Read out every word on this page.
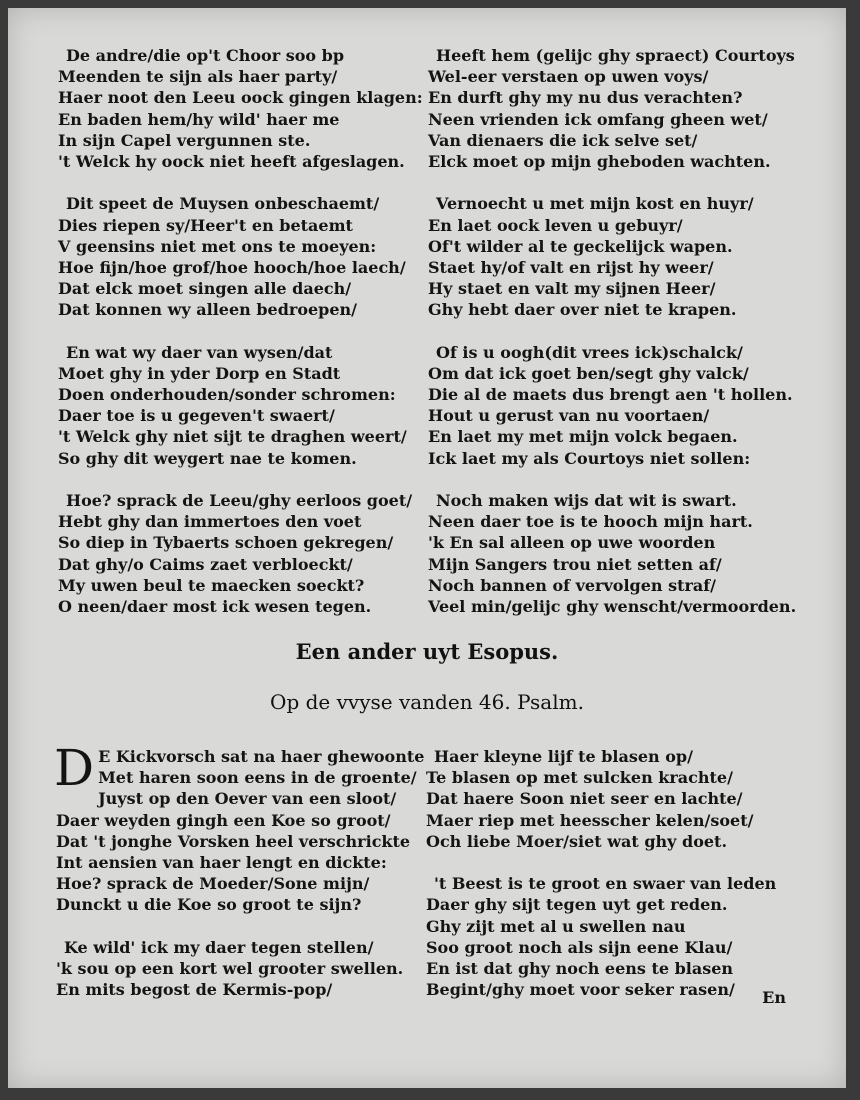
De andre/die op't Choor soo bp
Meenden te sijn als haer party/
Haer noot den Leeu oock gingen klagen:
En baden hem/hy wild' haer me
In sijn Capel vergunnen ste.
't Welck hy oock niet heeft afgeslagen.
Dit speet de Muysen onbeschaemt/
Dies riepen sy/Heer't en betaemt
V geensins niet met ons te moeyen:
Hoe fijn/hoe grof/hoe hooch/hoe laech/
Dat elck moet singen alle daech/
Dat konnen wy alleen bedroepen/
En wat wy daer van wysen/dat
Moet ghy in yder Dorp en Stadt
Doen onderhouden/sonder schromen:
Daer toe is u gegeven't swaert/
't Welck ghy niet sijt te draghen weert/
So ghy dit weygert nae te komen.
Hoe? sprack de Leeu/ghy eerloos goet/
Hebt ghy dan immertoes den voet
So diep in Tybaerts schoen gekregen/
Dat ghy/o Caims zaet verbloeckt/
My uwen beul te maecken soeckt?
O neen/daer most ick wesen tegen.
Heeft hem (gelijc ghy spraect) Courtoys
Wel-eer verstaen op uwen voys/
En durft ghy my nu dus verachten?
Neen vrienden ick omfang gheen wet/
Van dienaers die ick selve set/
Elck moet op mijn gheboden wachten.
Vernoecht u met mijn kost en huyr/
En laet oock leven u gebuyr/
Of't wilder al te geckelijck wapen.
Staet hy/of valt en rijst hy weer/
Hy staet en valt my sijnen Heer/
Ghy hebt daer over niet te krapen.
Of is u oogh(dit vrees ick)schalck/
Om dat ick goet ben/segt ghy valck/
Die al de maets dus brengt aen 't hollen.
Hout u gerust van nu voortaen/
En laet my met mijn volck begaen.
Ick laet my als Courtoys niet sollen:
Noch maken wijs dat wit is swart.
Neen daer toe is te hooch mijn hart.
'k En sal alleen op uwe woorden
Mijn Sangers trou niet setten af/
Noch bannen of vervolgen straf/
Veel min/gelijc ghy wenscht/vermoorden.
Een ander uyt Esopus.
Op de vvyse vanden 46. Psalm.
D E Kickvorsch sat na haer ghewoonte
Met haren soon eens in de groente/
Juyst op den Oever van een sloot/
Daer weyden gingh een Koe so groot/
Dat 't jonghe Vorsken heel verschrickte
Int aensien van haer lengt en dickte:
Hoe? sprack de Moeder/Sone mijn/
Dunckt u die Koe so groot te sijn?
Ke wild' ick my daer tegen stellen/
'k sou op een kort wel grooter swellen.
En mits begost de Kermis-pop/
Haer kleyne lijf te blasen op/
Te blasen op met sulcken krachte/
Dat haere Soon niet seer en lachte/
Maer riep met heesscher kelen/soet/
Och liebe Moer/siet wat ghy doet.
't Beest is te groot en swaer van leden
Daer ghy sijt tegen uyt get reden.
Ghy zijt met al u swellen nau
Soo groot noch als sijn eene Klau/
En ist dat ghy noch eens te blasen
Begint/ghy moet voor seker rasen/	En
